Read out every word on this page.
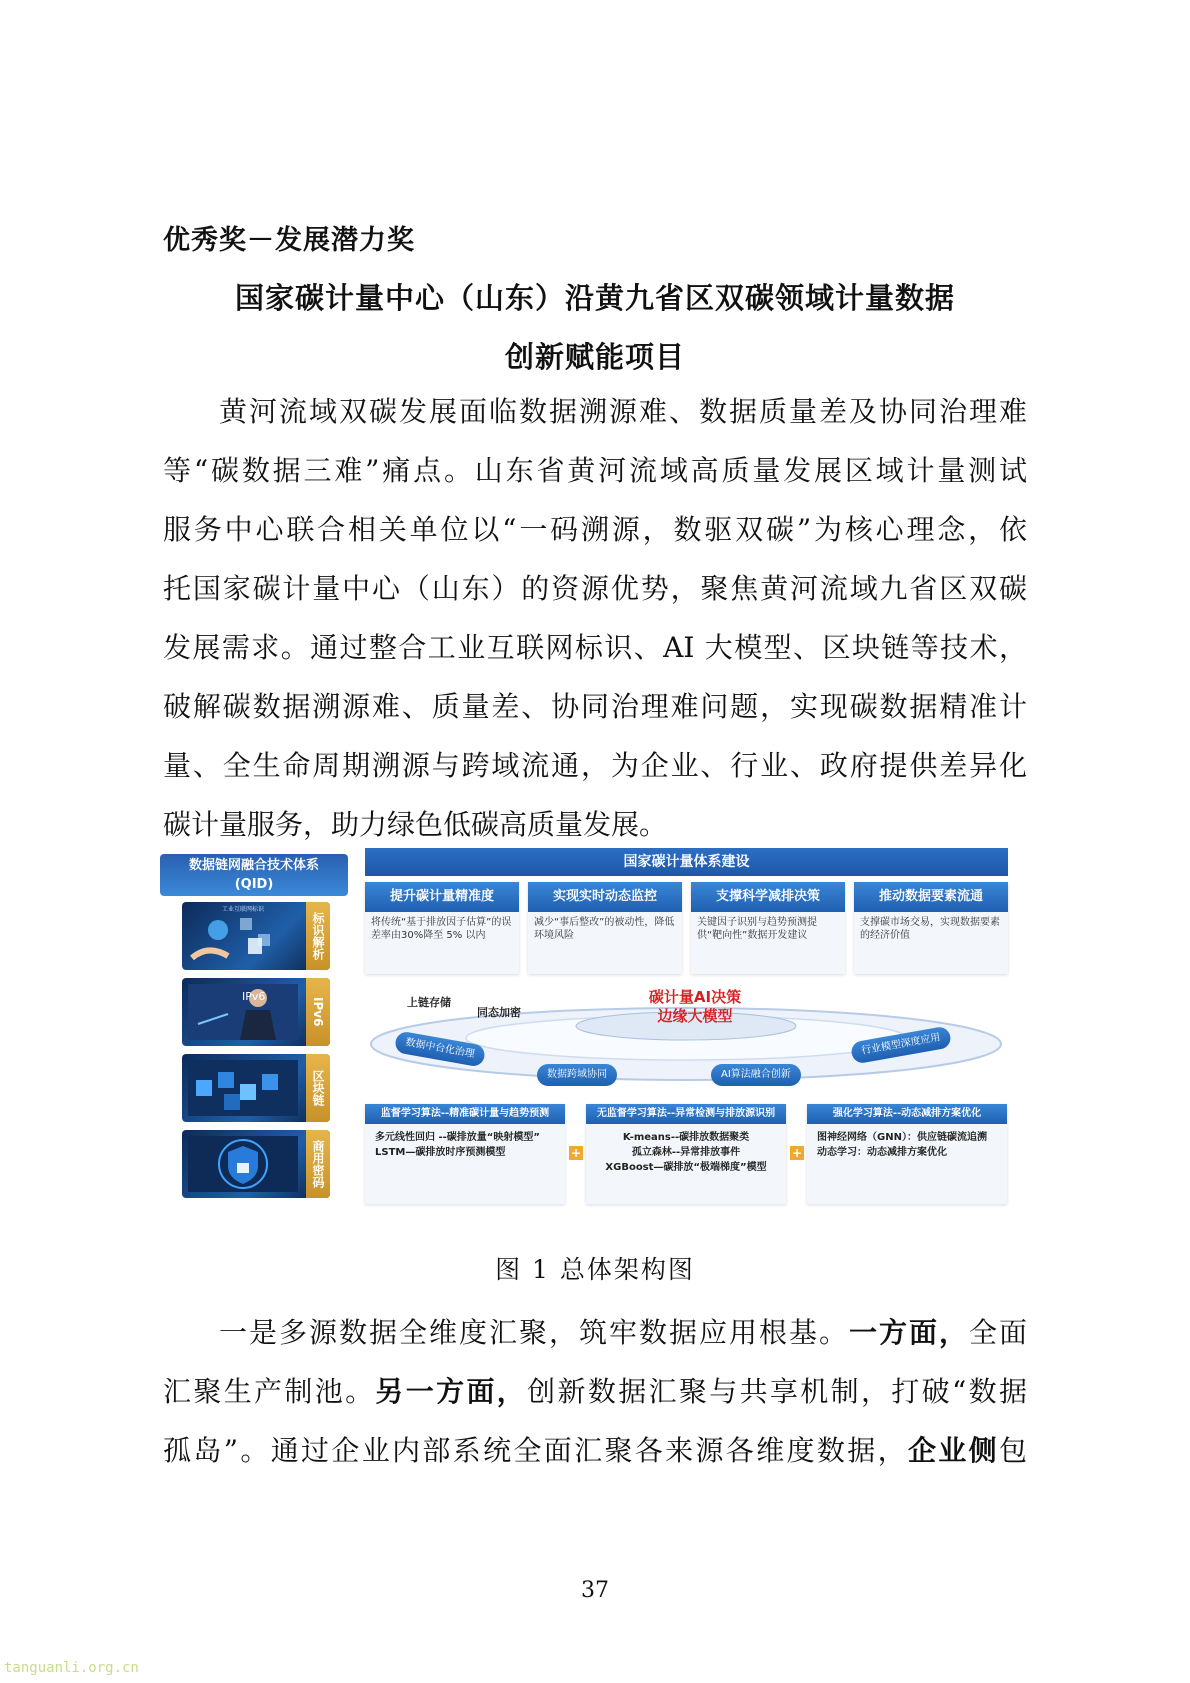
优秀奖－发展潜力奖
国家碳计量中心（山东）沿黄九省区双碳领域计量数据
创新赋能项目
黄河流域双碳发展面临数据溯源难、数据质量差及协同治理难
等“碳数据三难”痛点。山东省黄河流域高质量发展区域计量测试
服务中心联合相关单位以“一码溯源，数驱双碳”为核心理念，依
托国家碳计量中心（山东）的资源优势，聚焦黄河流域九省区双碳
发展需求。通过整合工业互联网标识、AI 大模型、区块链等技术，
破解碳数据溯源难、质量差、协同治理难问题，实现碳数据精准计
量、全生命周期溯源与跨域流通，为企业、行业、政府提供差异化
碳计量服务，助力绿色低碳高质量发展。
数据链网融合技术体系
(QID)
工业互联网标识
标识解析
IPv6
IPv6
区块链
商用密码
国家碳计量体系建设
提升碳计量精准度
将传统“基于排放因子估算”的误差率由30%降至 5% 以内
实现实时动态监控
减少“事后整改”的被动性，降低环境风险
支撑科学减排决策
关键因子识别与趋势预测提供“靶向性”数据开发建议
推动数据要素流通
支撑碳市场交易，实现数据要素的经济价值
上链存储
同态加密
碳计量AI决策
边缘大模型
数据中台化治理
数据跨域协同	AI算法融合创新
行业模型深度应用
监督学习算法--精准碳计量与趋势预测
多元线性回归 --碳排放量“映射模型”
LSTM—碳排放时序预测模型	+
无监督学习算法--异常检测与排放源识别
K-means--碳排放数据聚类
孤立森林--异常排放事件
XGBoost—碳排放“极端梯度”模型
+
强化学习算法--动态减排方案优化
图神经网络（GNN）：供应链碳流追溯
动态学习：动态减排方案优化
图 1 总体架构图
一是多源数据全维度汇聚，筑牢数据应用根基。一方面，全面
汇聚生产制池。另一方面，创新数据汇聚与共享机制，打破“数据
孤岛”。通过企业内部系统全面汇聚各来源各维度数据，企业侧包
37
tanguanli.org.cn
